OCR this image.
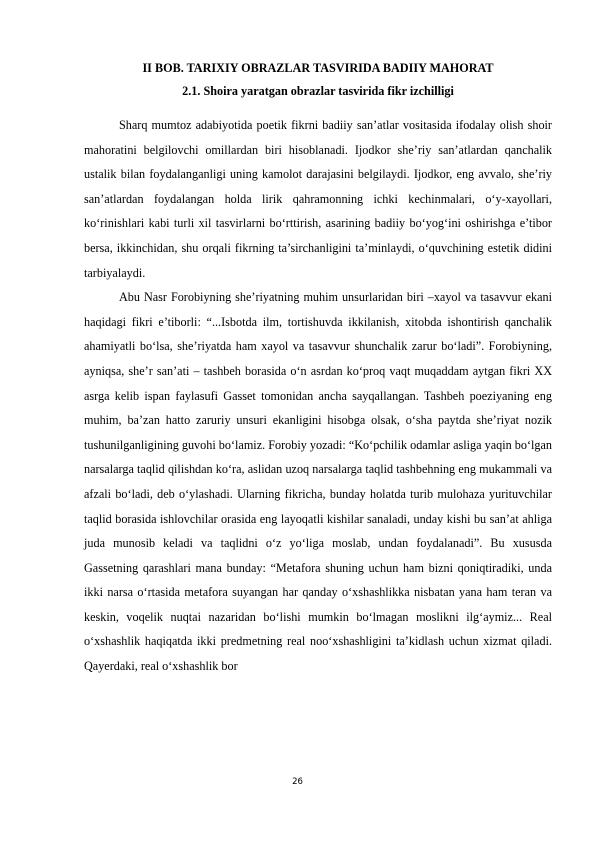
II BOB. TARIXIY OBRAZLAR TASVIRIDA BADIIY MAHORAT
2.1. Shoira yaratgan obrazlar tasvirida fikr izchilligi

Sharq mumtoz adabiyotida poetik fikrni badiiy san’atlar vositasida ifodalay olish shoir mahoratini belgilovchi omillardan biri hisoblanadi. Ijodkor she’riy san’atlardan qanchalik ustalik bilan foydalanganligi uning kamolot darajasini belgilaydi. Ijodkor, eng avvalo, she’riy san’atlardan foydalangan holda lirik qahramonning ichki kechinmalari, o‘y-xayollari, ko‘rinishlari kabi turli xil tasvirlarni bo‘rttirish, asarining badiiy bo‘yog‘ini oshirishga e’tibor bersa, ikkinchidan, shu orqali fikrning ta’sirchanligini ta’minlaydi, o‘quvchining estetik didini tarbiyalaydi.

Abu Nasr Forobiyning she’riyatning muhim unsurlaridan biri –xayol va tasavvur ekani haqidagi fikri e’tiborli: “...Isbotda ilm, tortishuvda ikkilanish, xitobda ishontirish qanchalik ahamiyatli bo‘lsa, she’riyatda ham xayol va tasavvur shunchalik zarur bo‘ladi”. Forobiyning, ayniqsa, she’r san’ati – tashbeh borasida o‘n asrdan ko‘proq vaqt muqaddam aytgan fikri XX asrga kelib ispan faylasufi Gasset tomonidan ancha sayqallangan. Tashbeh poeziyaning eng muhim, ba’zan hatto zaruriy unsuri ekanligini hisobga olsak, o‘sha paytda she’riyat nozik tushunilganligining guvohi bo‘lamiz. Forobiy yozadi: “Ko‘pchilik odamlar asliga yaqin bo‘lgan narsalarga taqlid qilishdan ko‘ra, aslidan uzoq narsalarga taqlid tashbehning eng mukammali va afzali bo‘ladi, deb o‘ylashadi. Ularning fikricha, bunday holatda turib mulohaza yurituvchilar taqlid borasida ishlovchilar orasida eng layoqatli kishilar sanaladi, unday kishi bu san’at ahliga juda munosib keladi va taqlidni o‘z yo‘liga moslab, undan foydalanadi”. Bu xususda Gassetning qarashlari mana bunday: “Metafora shuning uchun ham bizni qoniqtiradiki, unda ikki narsa o‘rtasida metafora suyangan har qanday o‘xshashlikka nisbatan yana ham teran va keskin, voqelik nuqtai nazaridan bo‘lishi mumkin bo‘lmagan moslikni ilg‘aymiz... Real o‘xshashlik haqiqatda ikki predmetning real noo‘xshashligini ta’kidlash uchun xizmat qiladi. Qayerdaki, real o‘xshashlik bor

26
